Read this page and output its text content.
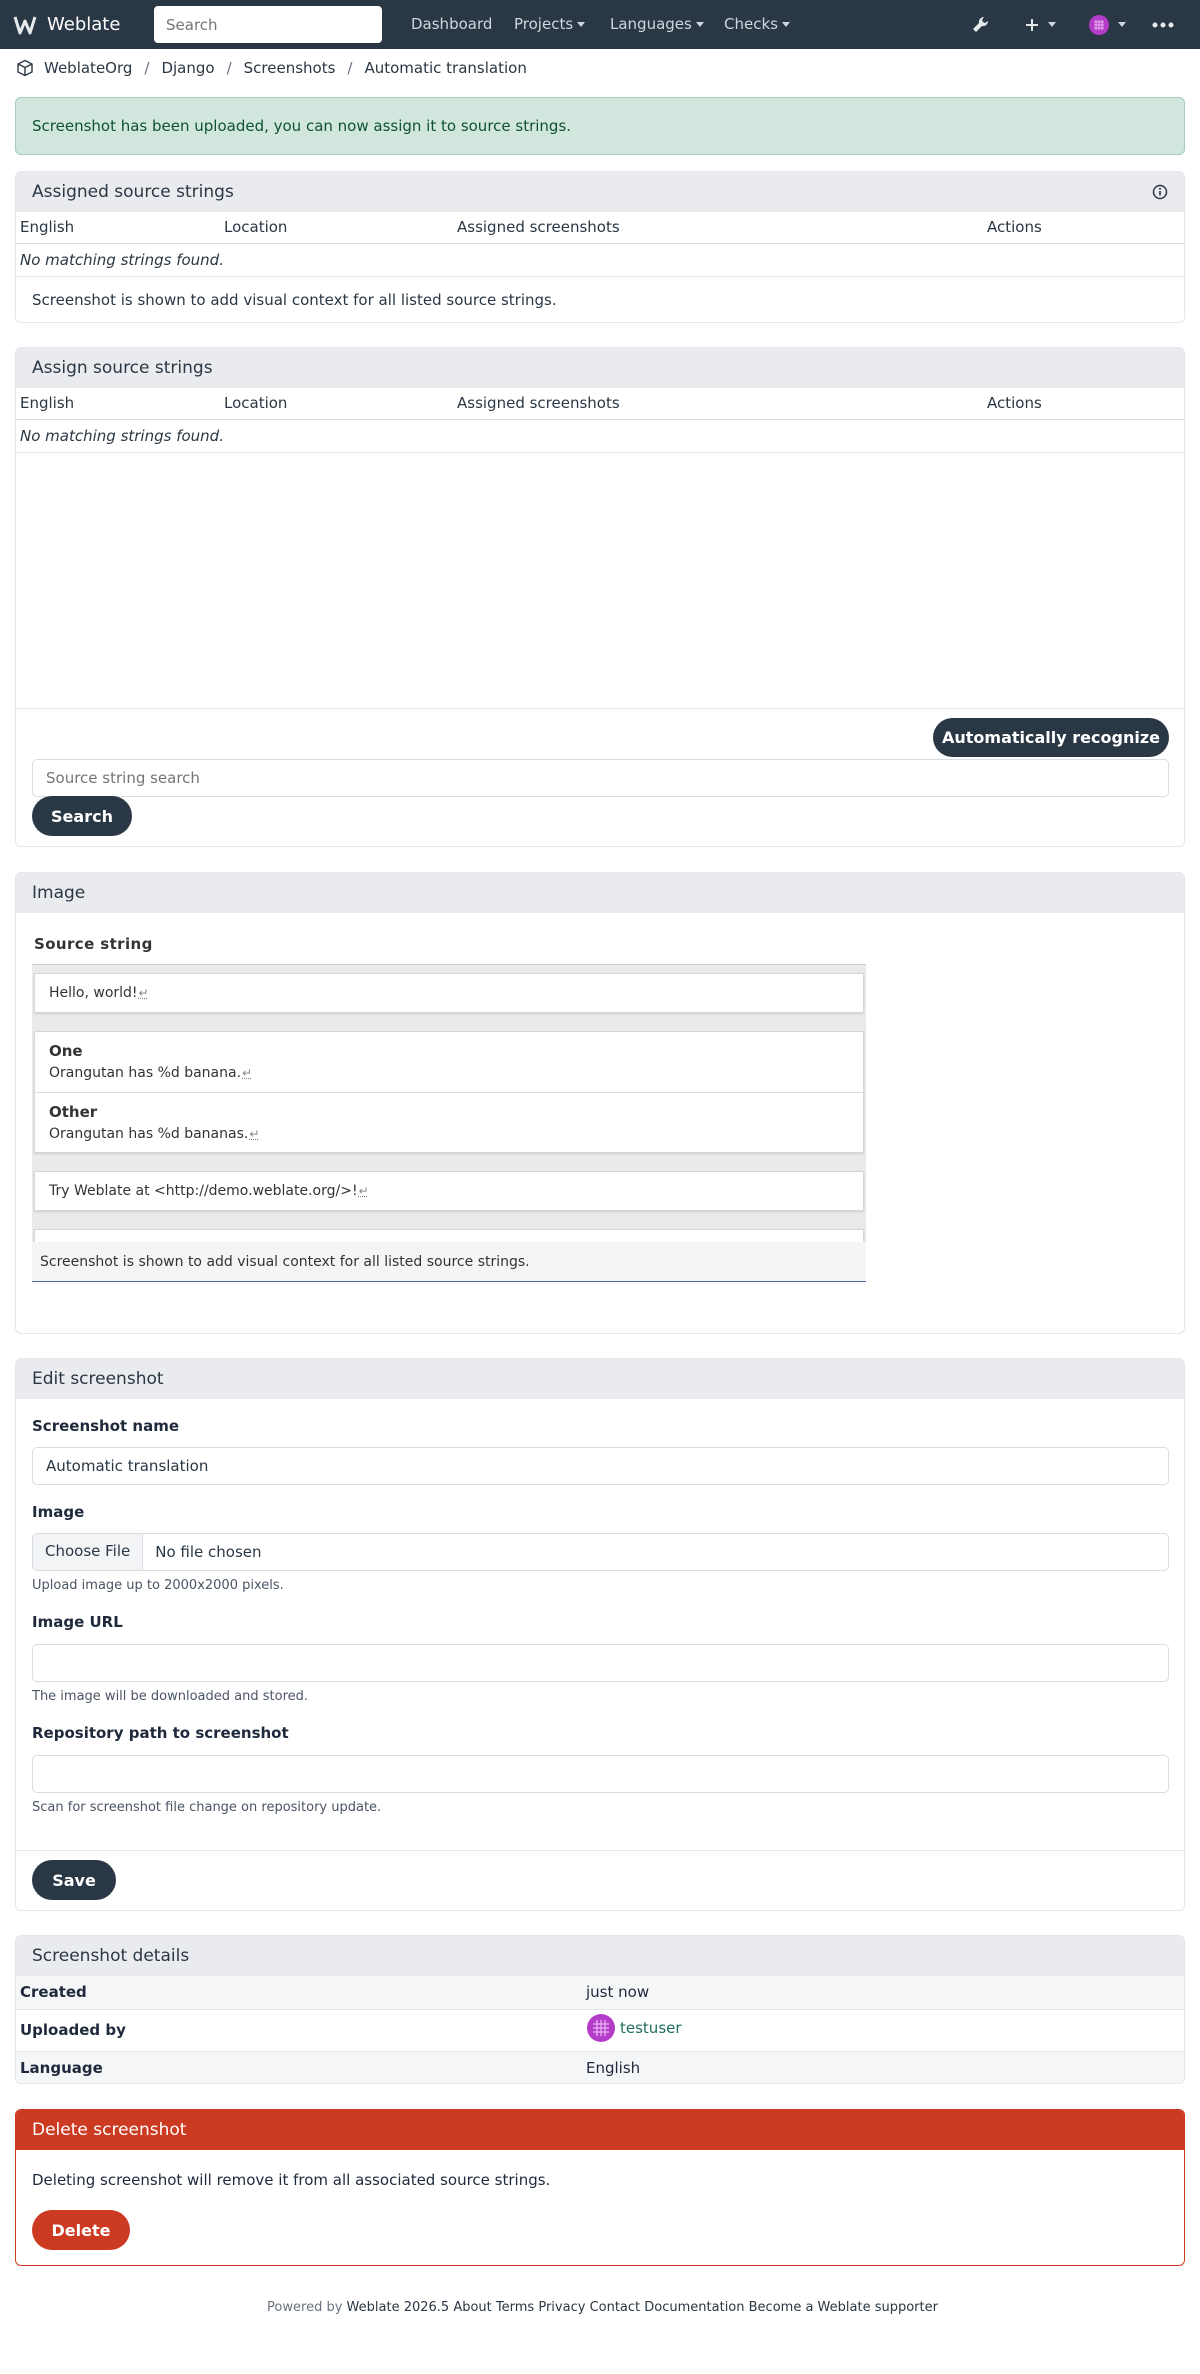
Weblate
Search	Dashboard Projects	Languages	Checks
WeblateOrg / Django / Screenshots / Automatic translation
Screenshot has been uploaded, you can now assign it to source strings.
Assigned source strings
English	Location	Assigned screenshots	Actions
No matching strings found.
Screenshot is shown to add visual context for all listed source strings.
Assign source strings
English	Location	Assigned screenshots	Actions
No matching strings found.
Automatically recognize
Source string search
Search
Image
Source string
Hello, world!↵
One
Orangutan has %d banana.↵
Other
Orangutan has %d bananas.↵
Try Weblate at <http://demo.weblate.org/>!↵
Screenshot is shown to add visual context for all listed source strings.
Edit screenshot
Screenshot name
Automatic translation
Image
Choose File	No file chosen
Upload image up to 2000x2000 pixels.
Image URL
The image will be downloaded and stored.
Repository path to screenshot
Scan for screenshot file change on repository update.
Save
Screenshot details
Created	just now
Uploaded by	testuser

Language	English
Delete screenshot
Deleting screenshot will remove it from all associated source strings.
Delete
Powered by Weblate 2026.5 About Terms Privacy Contact Documentation Become a Weblate supporter
